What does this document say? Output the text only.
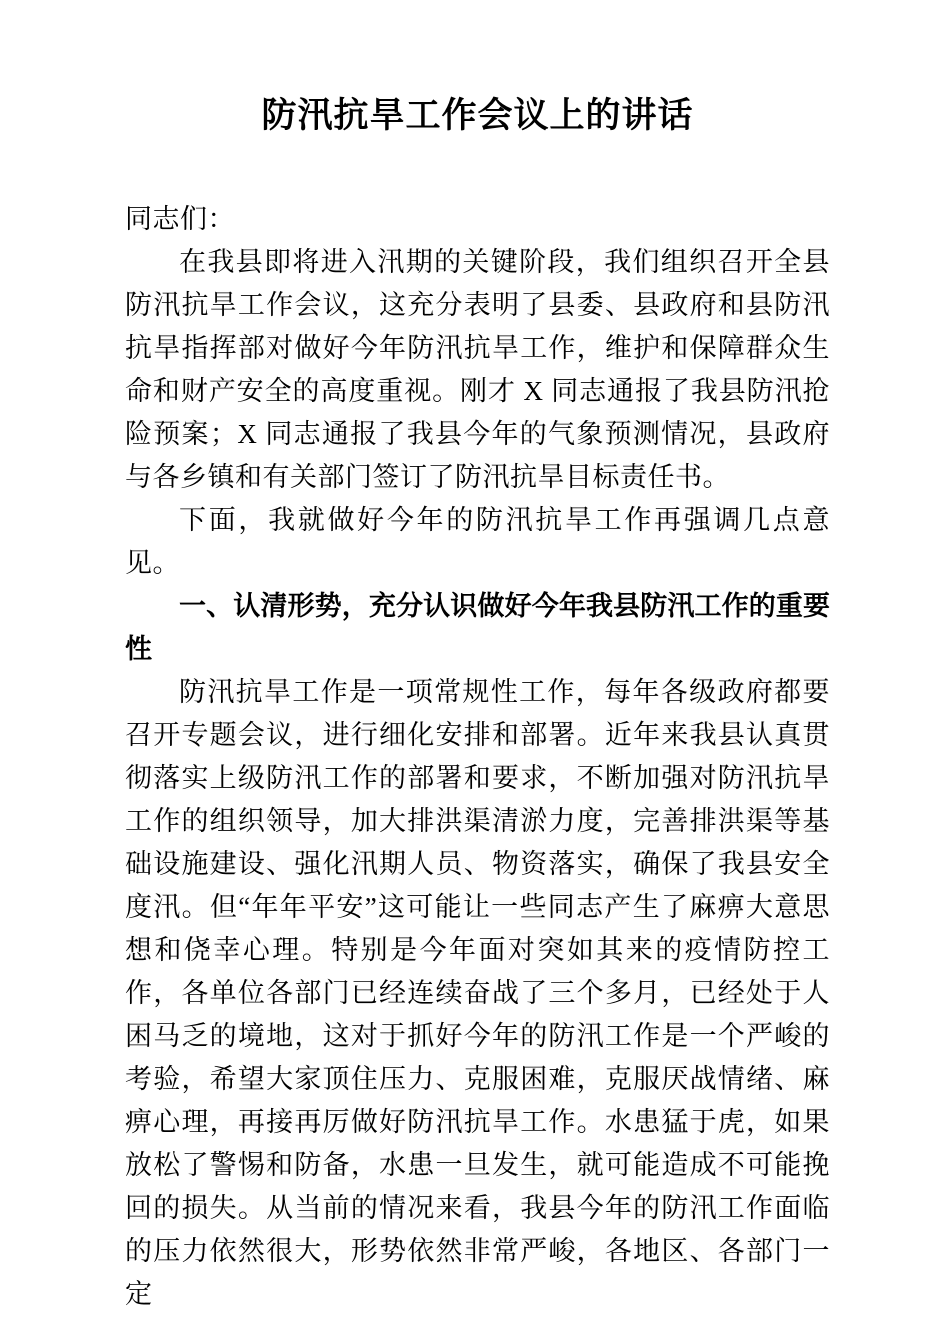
防汛抗旱工作会议上的讲话

同志们：

在我县即将进入汛期的关键阶段，我们组织召开全县防汛抗旱工作会议，这充分表明了县委、县政府和县防汛抗旱指挥部对做好今年防汛抗旱工作，维护和保障群众生命和财产安全的高度重视。刚才 X 同志通报了我县防汛抢险预案；X 同志通报了我县今年的气象预测情况，县政府与各乡镇和有关部门签订了防汛抗旱目标责任书。

下面，我就做好今年的防汛抗旱工作再强调几点意见。

一、认清形势，充分认识做好今年我县防汛工作的重要性

防汛抗旱工作是一项常规性工作，每年各级政府都要召开专题会议，进行细化安排和部署。近年来我县认真贯彻落实上级防汛工作的部署和要求，不断加强对防汛抗旱工作的组织领导，加大排洪渠清淤力度，完善排洪渠等基础设施建设、强化汛期人员、物资落实，确保了我县安全度汛。但“年年平安”这可能让一些同志产生了麻痹大意思想和侥幸心理。特别是今年面对突如其来的疫情防控工作，各单位各部门已经连续奋战了三个多月，已经处于人困马乏的境地，这对于抓好今年的防汛工作是一个严峻的考验，希望大家顶住压力、克服困难，克服厌战情绪、麻痹心理，再接再厉做好防汛抗旱工作。水患猛于虎，如果放松了警惕和防备，水患一旦发生，就可能造成不可能挽回的损失。从当前的情况来看，我县今年的防汛工作面临的压力依然很大，形势依然非常严峻，各地区、各部门一定
